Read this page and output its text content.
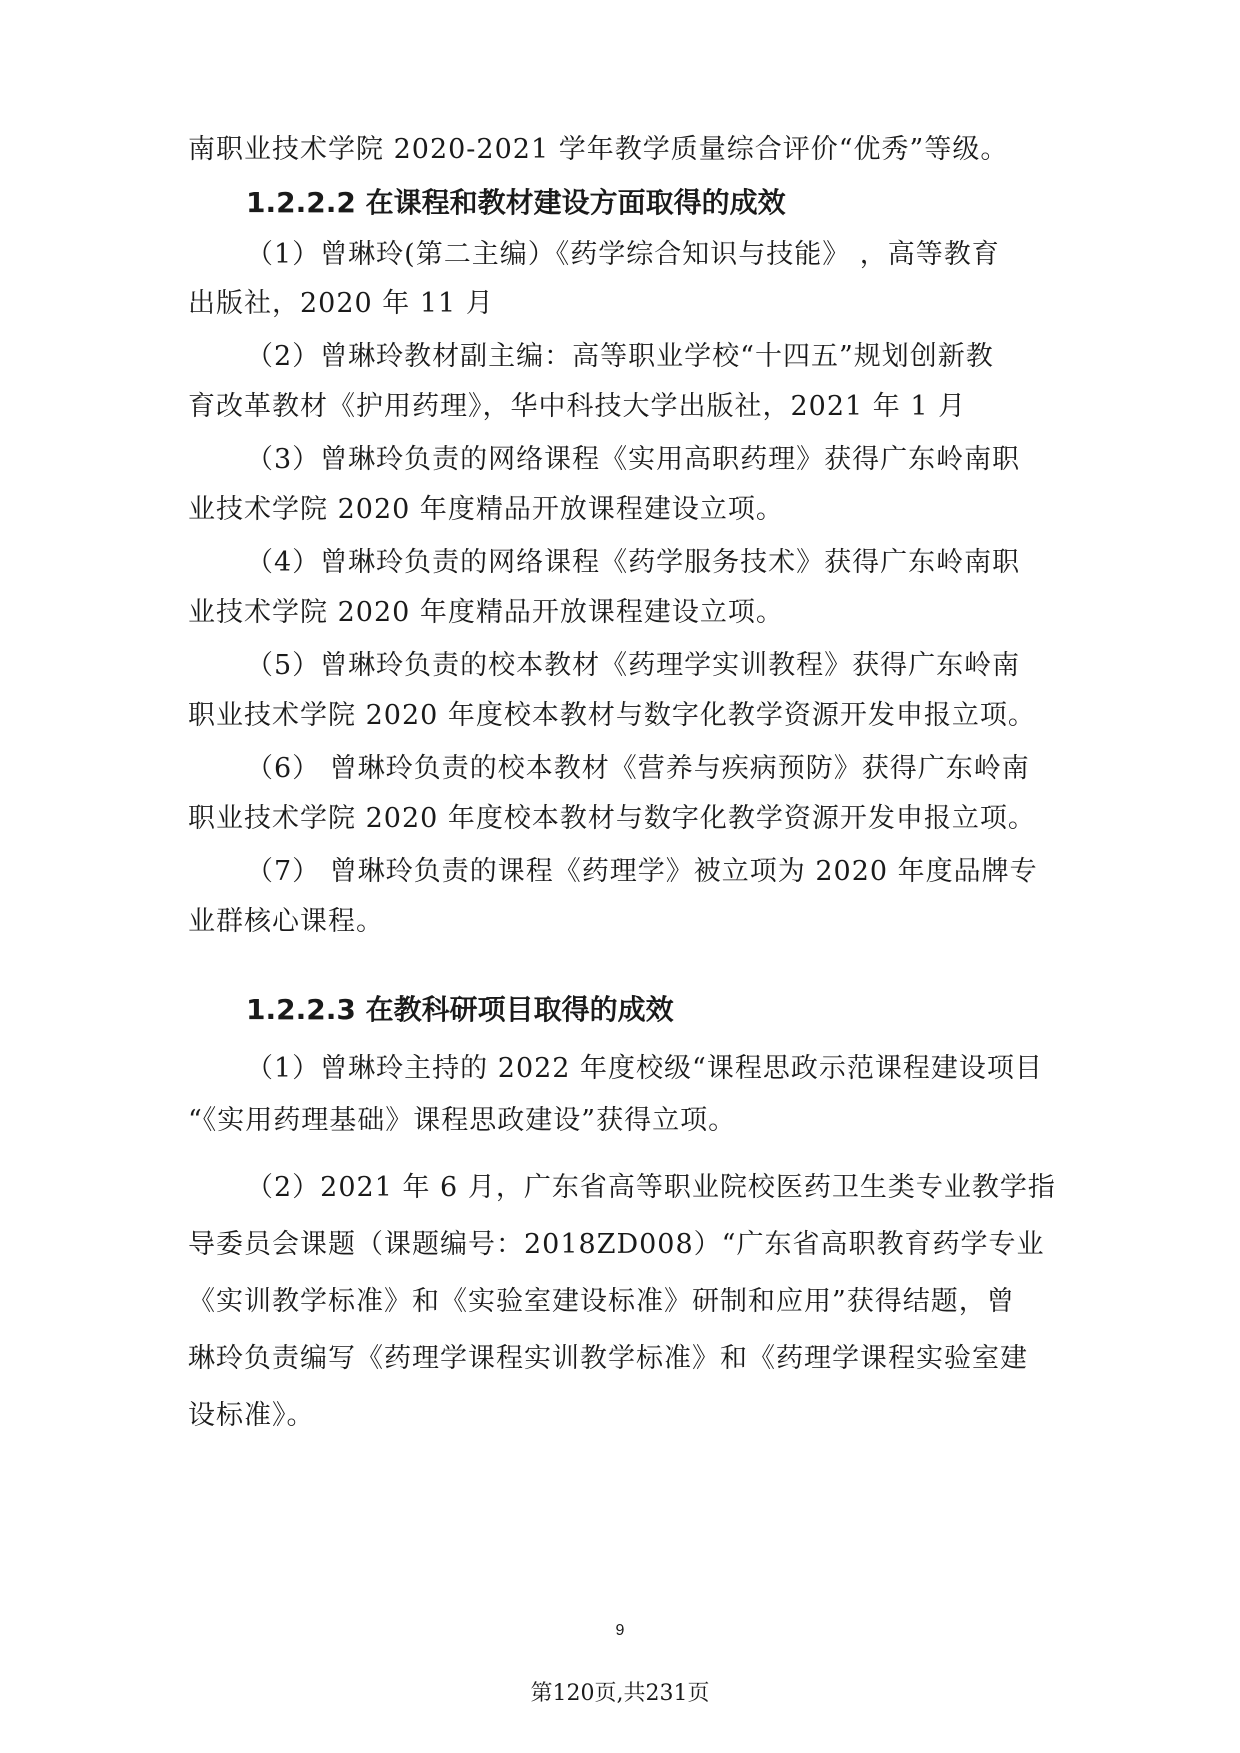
南职业技术学院 2020-2021 学年教学质量综合评价“优秀”等级。
1.2.2.2 在课程和教材建设方面取得的成效
（1）曾琳玲(第二主编）《药学综合知识与技能》 ，高等教育
出版社，2020 年 11 月
（2）曾琳玲教材副主编：高等职业学校“十四五”规划创新教
育改革教材《护用药理》，华中科技大学出版社，2021 年 1 月
（3）曾琳玲负责的网络课程《实用高职药理》获得广东岭南职
业技术学院 2020 年度精品开放课程建设立项。
（4）曾琳玲负责的网络课程《药学服务技术》获得广东岭南职
业技术学院 2020 年度精品开放课程建设立项。
（5）曾琳玲负责的校本教材《药理学实训教程》获得广东岭南
职业技术学院 2020 年度校本教材与数字化教学资源开发申报立项。
（6） 曾琳玲负责的校本教材《营养与疾病预防》获得广东岭南
职业技术学院 2020 年度校本教材与数字化教学资源开发申报立项。
（7） 曾琳玲负责的课程《药理学》被立项为 2020 年度品牌专
业群核心课程。
1.2.2.3 在教科研项目取得的成效
（1）曾琳玲主持的 2022 年度校级“课程思政示范课程建设项目
“《实用药理基础》课程思政建设”获得立项。
（2）2021 年 6 月，广东省高等职业院校医药卫生类专业教学指
导委员会课题（课题编号：2018ZD008）“广东省高职教育药学专业
《实训教学标准》和《实验室建设标准》研制和应用”获得结题，曾
琳玲负责编写《药理学课程实训教学标准》和《药理学课程实验室建
设标准》。
9
第120页,共231页
